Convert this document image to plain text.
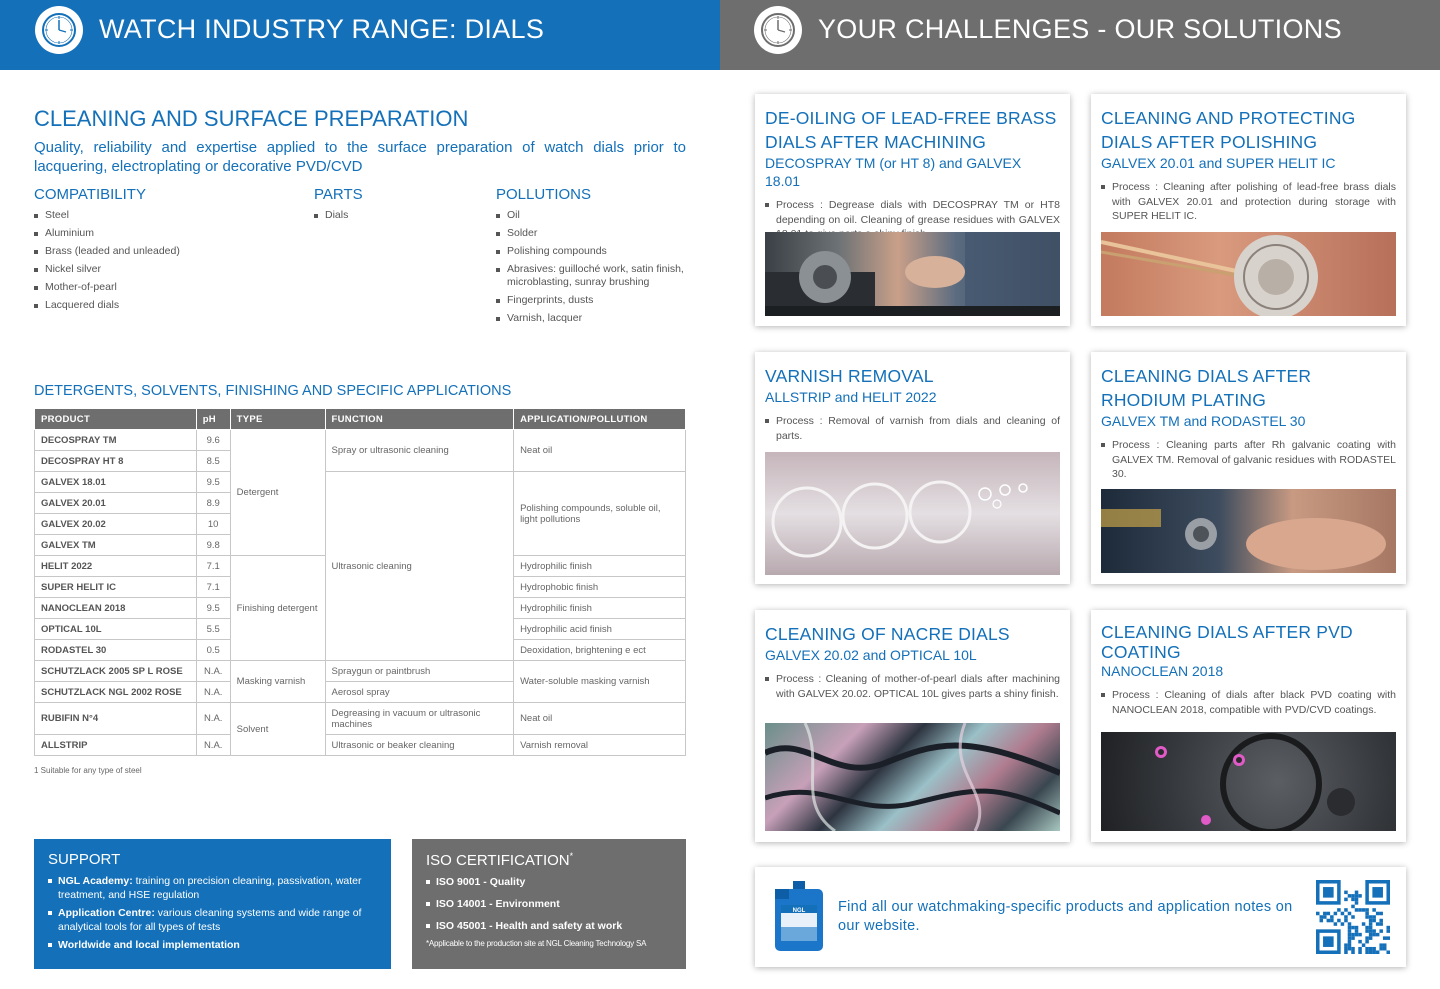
WATCH INDUSTRY RANGE: DIALS	YOUR CHALLENGES - OUR SOLUTIONS
CLEANING AND SURFACE PREPARATION
Quality, reliability and expertise applied to the surface preparation of watch dials prior to lacquering, electroplating or decorative PVD/CVD
COMPATIBILITY
Steel
Aluminium
Brass (leaded and unleaded)
Nickel silver
Mother-of-pearl
Lacquered dials
PARTS
Dials
POLLUTIONS
Oil
Solder
Polishing compounds
Abrasives: guilloché work, satin finish, microblasting, sunray brushing
Fingerprints, dusts
Varnish, lacquer
DETERGENTS, SOLVENTS, FINISHING AND SPECIFIC APPLICATIONS
PRODUCT	pH	TYPE	FUNCTION	APPLICATION/POLLUTION
DECOSPRAY TM	9.6	Detergent	Spray or ultrasonic cleaning	Neat oil
DECOSPRAY HT 8	8.5			
GALVEX 18.01	9.5		Ultrasonic cleaning	Polishing compounds, soluble oil, light pollutions
GALVEX 20.01	8.9			
GALVEX 20.02	10			
GALVEX TM	9.8			
HELIT 2022	7.1	Finishing detergent		Hydrophilic finish
SUPER HELIT IC	7.1			Hydrophobic finish
NANOCLEAN 2018	9.5			Hydrophilic finish
OPTICAL 10L	5.5			Hydrophilic acid finish
RODASTEL 30	0.5			Deoxidation, brightening e ect
SCHUTZLACK 2005 SP L ROSE	N.A.	Masking varnish	Spraygun or paintbrush	Water-soluble masking varnish
SCHUTZLACK NGL 2002 ROSE	N.A.		Aerosol spray	
RUBIFIN N°4	N.A.	Solvent	Degreasing in vacuum or ultrasonic machines	Neat oil
ALLSTRIP	N.A.		Ultrasonic or beaker cleaning	Varnish removal
1 Suitable for any type of steel
SUPPORT
NGL Academy: training on precision cleaning, passivation, water treatment, and HSE regulation
Application Centre: various cleaning systems and wide range of analytical tools for all types of tests
Worldwide and local implementation
ISO CERTIFICATION*
ISO 9001 - Quality
ISO 14001 - Environment
ISO 45001 - Health and safety at work
*Applicable to the production site at NGL Cleaning Technology SA
DE-OILING OF LEAD-FREE BRASS DIALS AFTER MACHINING
DECOSPRAY TM (or HT 8) and GALVEX 18.01
Process : Degrease dials with DECOSPRAY TM or HT8 depending on oil. Cleaning of grease residues with GALVEX
CLEANING AND PROTECTING DIALS AFTER POLISHING
GALVEX 20.01 and SUPER HELIT IC
Process : Cleaning after polishing of lead-free brass dials with GALVEX 20.01 and protection during storage with SUPER HELIT IC.
VARNISH REMOVAL
ALLSTRIP and HELIT 2022
Process : Removal of varnish from dials and cleaning of parts.
CLEANING DIALS AFTER RHODIUM PLATING
GALVEX TM and RODASTEL 30
Process : Cleaning parts after Rh galvanic coating with GALVEX TM. Removal of galvanic residues with RODASTEL 30.
CLEANING OF NACRE DIALS
GALVEX 20.02 and OPTICAL 10L
Process : Cleaning of mother-of-pearl dials after machining with GALVEX 20.02. OPTICAL 10L gives parts a shiny finish.
CLEANING DIALS AFTER PVD COATING
NANOCLEAN 2018
Process : Cleaning of dials after black PVD coating with NANOCLEAN 2018, compatible with PVD/CVD coatings.
NGL Find all our watchmaking-specific products and application notes on our website.
